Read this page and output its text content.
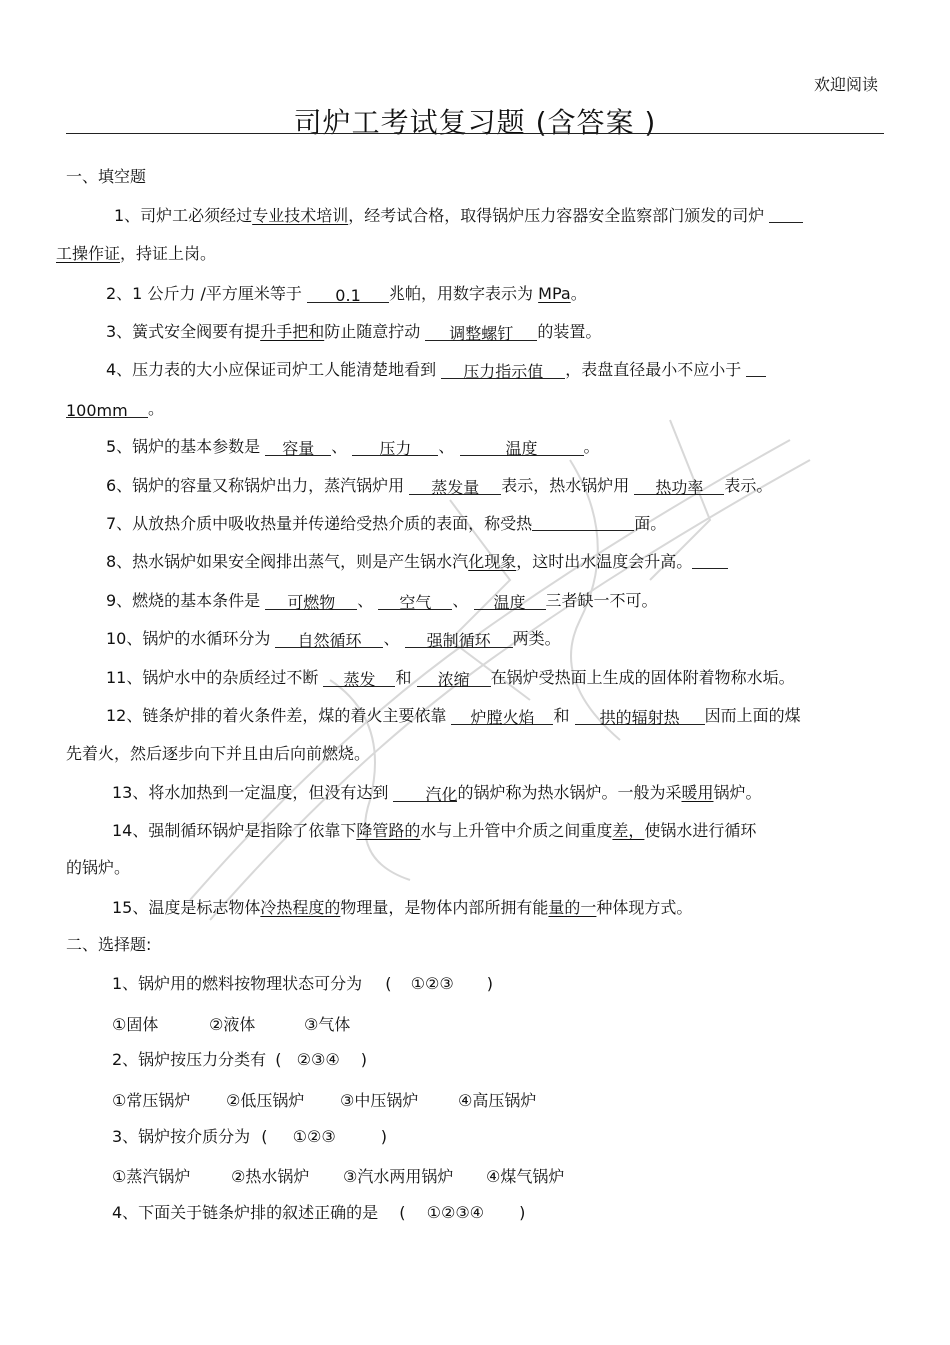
欢迎阅读
司炉工考试复习题 (含答案 )
一、填空题
1、司炉工必须经过专业技术培训，经考试合格，取得锅炉压力容器安全监察部门颁发的司炉
工操作证，持证上岗。
2、1 公斤力 /平方厘米等于 0.1 兆帕，用数字表示为 MPa。
3、簧式安全阀要有提升手把和防止随意拧动 调整螺钉 的装置。
4、压力表的大小应保证司炉工人能清楚地看到 压力指示值 ，表盘直径最小不应小于
100mm 。
5、锅炉的基本参数是 容量 、 压力 、	温度	。
6、锅炉的容量又称锅炉出力，蒸汽锅炉用 蒸发量 表示，热水锅炉用 热功率 表示。
7、从放热介质中吸收热量并传递给受热介质的表面，称受热	面。
8、热水锅炉如果安全阀排出蒸气，则是产生锅水汽化现象，这时出水温度会升高。
9、燃烧的基本条件是 可燃物 、 空气 、 温度 三者缺一不可。
10、锅炉的水循环分为 自然循环 、 强制循环 两类。
11、锅炉水中的杂质经过不断 蒸发 和 浓缩 在锅炉受热面上生成的固体附着物称水垢。
12、链条炉排的着火条件差，煤的着火主要依靠 炉膛火焰 和 拱的辐射热 因而上面的煤
先着火，然后逐步向下并且由后向前燃烧。
13、将水加热到一定温度，但没有达到 汽化的锅炉称为热水锅炉。一般为采暖用锅炉。
14、强制循环锅炉是指除了依靠下降管路的水与上升管中介质之间重度差，使锅水进行循环
的锅炉。
15、温度是标志物体冷热程度的物理量，是物体内部所拥有能量的一种体现方式。
二、选择题:
1、锅炉用的燃料按物理状态可分为 ( ①②③ )
①固体	②液体	③气体
2、锅炉按压力分类有 ( ②③④ )
①常压锅炉 ②低压锅炉 ③中压锅炉 ④高压锅炉
3、锅炉按介质分为 ( ①②③	)
①蒸汽锅炉	②热水锅炉 ③汽水两用锅炉 ④煤气锅炉
4、下面关于链条炉排的叙述正确的是 ( ①②③④ )
